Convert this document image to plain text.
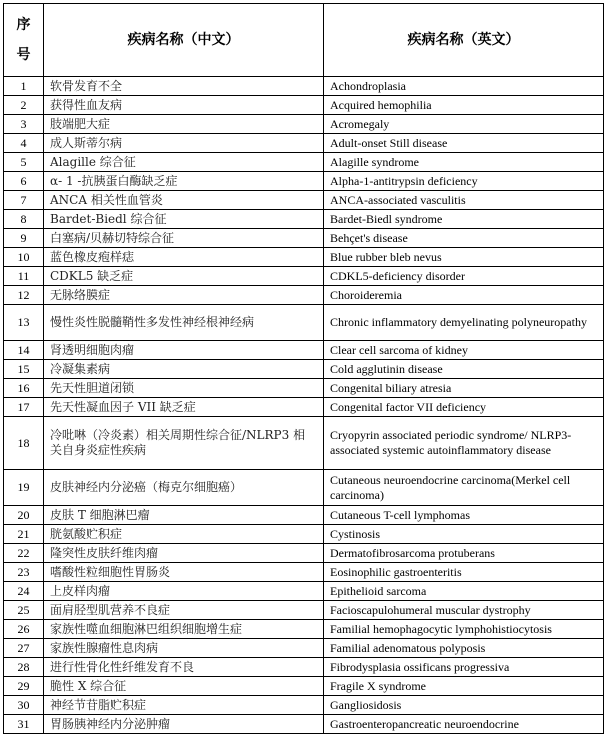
序
号	疾病名称（中文）	疾病名称（英文）
1	软骨发育不全	Achondroplasia
2	获得性血友病	Acquired hemophilia
3	肢端肥大症	Acromegaly
4	成人斯蒂尔病	Adult-onset Still disease
5	Alagille 综合征	Alagille syndrome
6	α- 1 -抗胰蛋白酶缺乏症	Alpha-1-antitrypsin deficiency
7	ANCA 相关性血管炎	ANCA-associated vasculitis
8	Bardet-Biedl 综合征	Bardet-Biedl syndrome
9	白塞病/贝赫切特综合征	Behçet's disease
10	蓝色橡皮疱样痣	Blue rubber bleb nevus
11	CDKL5 缺乏症	CDKL5-deficiency disorder
12	无脉络膜症	Choroideremia
13	慢性炎性脱髓鞘性多发性神经根神经病	Chronic inflammatory demyelinating polyneuropathy
14	肾透明细胞肉瘤	Clear cell sarcoma of kidney
15	冷凝集素病	Cold agglutinin disease
16	先天性胆道闭锁	Congenital biliary atresia
17	先天性凝血因子 VII 缺乏症	Congenital factor VII deficiency
18	冷吡啉（冷炎素）相关周期性综合征/NLRP3 相关自身炎症性疾病	Cryopyrin associated periodic syndrome/ NLRP3-associated systemic autoinflammatory disease
19	皮肤神经内分泌癌（梅克尔细胞癌）	Cutaneous neuroendocrine carcinoma(Merkel cell carcinoma)
20	皮肤 T 细胞淋巴瘤	Cutaneous T-cell lymphomas
21	胱氨酸贮积症	Cystinosis
22	隆突性皮肤纤维肉瘤	Dermatofibrosarcoma protuberans
23	嗜酸性粒细胞性胃肠炎	Eosinophilic gastroenteritis
24	上皮样肉瘤	Epithelioid sarcoma
25	面肩胫型肌营养不良症	Facioscapulohumeral muscular dystrophy
26	家族性噬血细胞淋巴组织细胞增生症	Familial hemophagocytic lymphohistiocytosis
27	家族性腺瘤性息肉病	Familial adenomatous polyposis
28	进行性骨化性纤维发育不良	Fibrodysplasia ossificans progressiva
29	脆性 X 综合征	Fragile X syndrome
30	神经节苷脂贮积症	Gangliosidosis
31	胃肠胰神经内分泌肿瘤	Gastroenteropancreatic neuroendocrine
